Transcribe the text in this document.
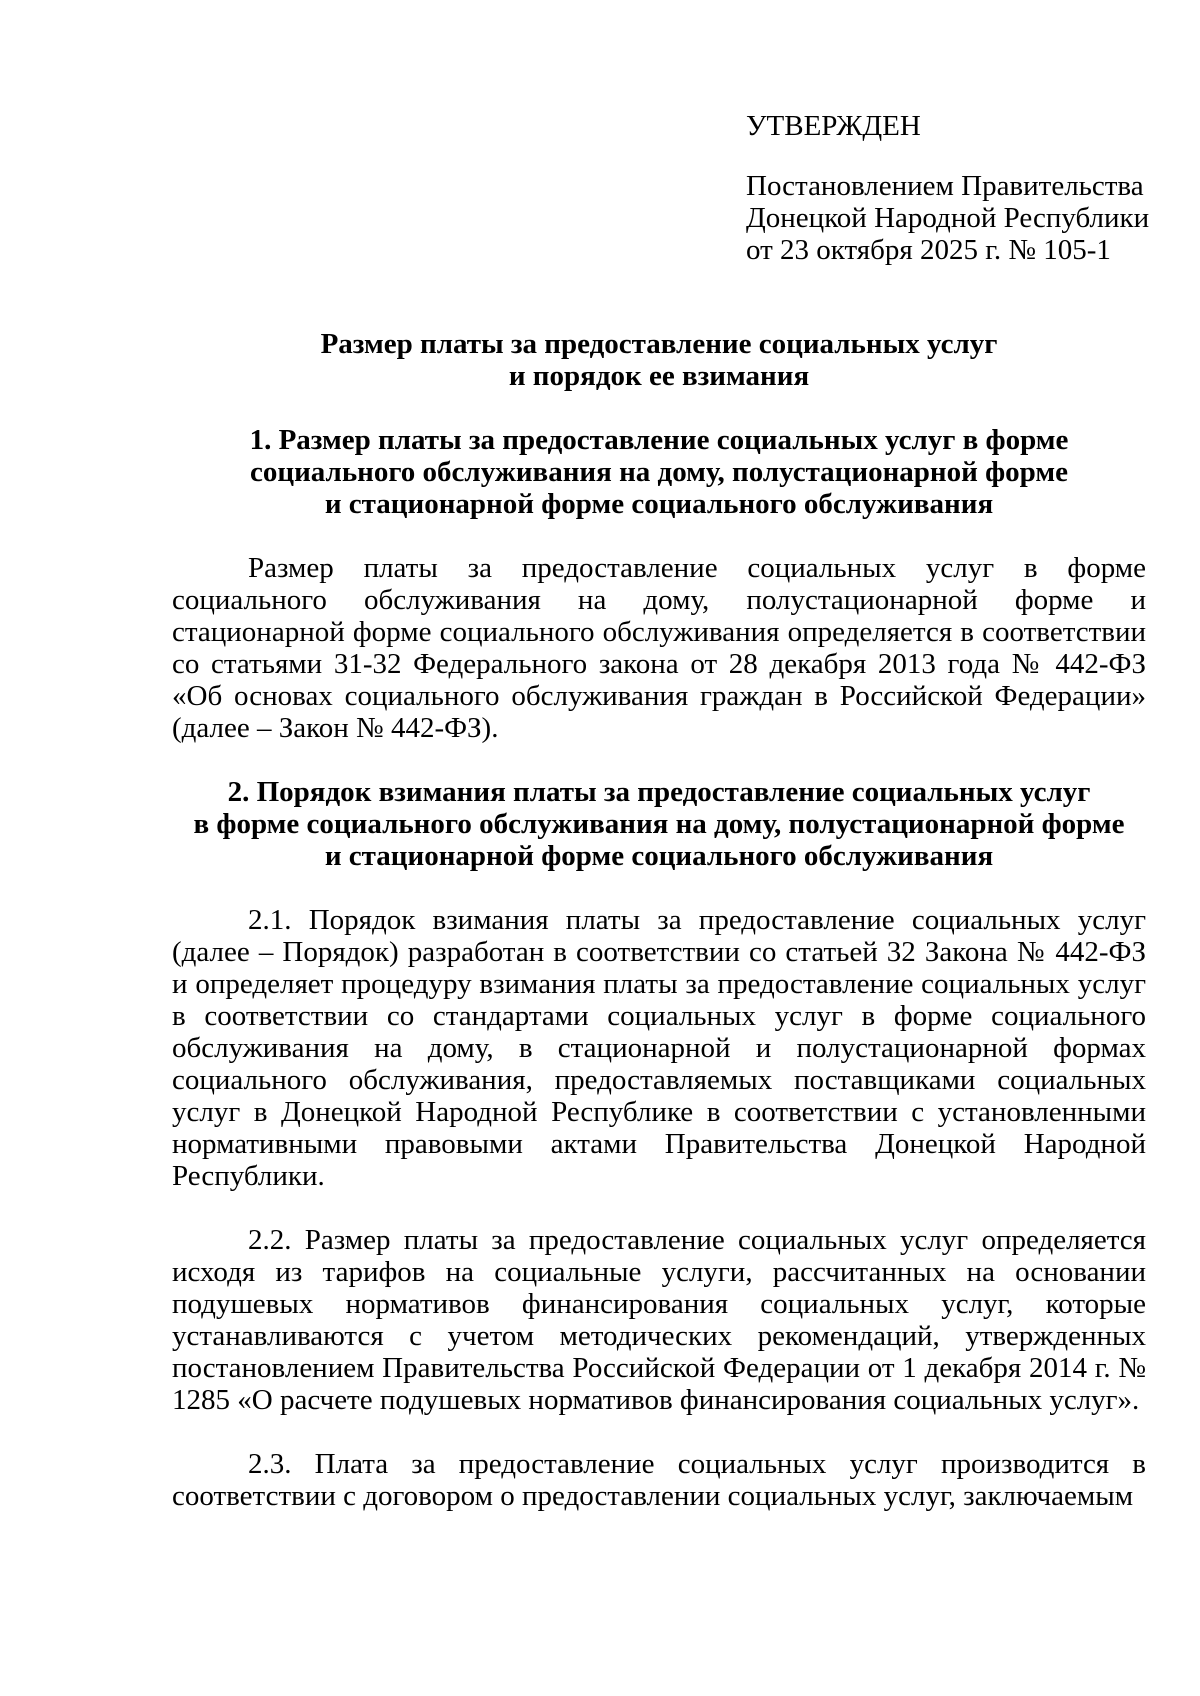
УТВЕРЖДЕН
Постановлением Правительства
Донецкой Народной Республики
от 23 октября 2025 г. № 105-1
Размер платы за предоставление социальных услуг
и порядок ее взимания
1. Размер платы за предоставление социальных услуг в форме
социального обслуживания на дому, полустационарной форме
и стационарной форме социального обслуживания

Размер платы за предоставление социальных услуг в форме социального обслуживания на дому, полустационарной форме и стационарной форме социального обслуживания определяется в соответствии со статьями 31-32 Федерального закона от 28 декабря 2013 года № 442-ФЗ «Об основах социального обслуживания граждан в Российской Федерации» (далее – Закон № 442-ФЗ).

2. Порядок взимания платы за предоставление социальных услуг
в форме социального обслуживания на дому, полустационарной форме
и стационарной форме социального обслуживания

2.1. Порядок взимания платы за предоставление социальных услуг (далее – Порядок) разработан в соответствии со статьей 32 Закона № 442-ФЗ и определяет процедуру взимания платы за предоставление социальных услуг в соответствии со стандартами социальных услуг в форме социального обслуживания на дому, в стационарной и полустационарной формах социального обслуживания, предоставляемых поставщиками социальных услуг в Донецкой Народной Республике в соответствии с установленными нормативными правовыми актами Правительства Донецкой Народной Республики.

2.2. Размер платы за предоставление социальных услуг определяется исходя из тарифов на социальные услуги, рассчитанных на основании подушевых нормативов финансирования социальных услуг, которые устанавливаются с учетом методических рекомендаций, утвержденных постановлением Правительства Российской Федерации от 1 декабря 2014 г. № 1285 «О расчете подушевых нормативов финансирования социальных услуг».

2.3. Плата за предоставление социальных услуг производится в соответствии с договором о предоставлении социальных услуг, заключаемым
